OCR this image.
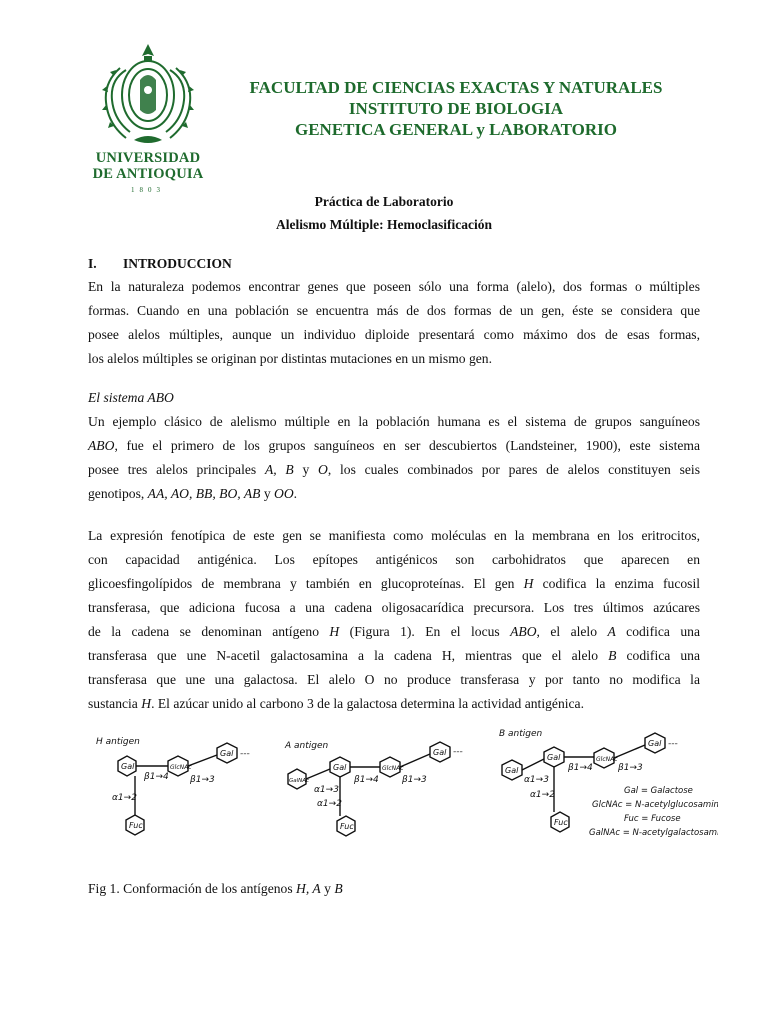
UNIVERSIDAD
DE ANTIOQUIA
1803
FACULTAD DE CIENCIAS EXACTAS Y NATURALES
INSTITUTO DE BIOLOGIA
GENETICA GENERAL y LABORATORIO
Práctica de Laboratorio
Alelismo Múltiple: Hemoclasificación
I. INTRODUCCION
En la naturaleza podemos encontrar genes que poseen sólo una forma (alelo), dos formas o múltiples
formas. Cuando en una población se encuentra más de dos formas de un gen, éste se considera que
posee alelos múltiples, aunque un individuo diploide presentará como máximo dos de esas formas,
los alelos múltiples se originan por distintas mutaciones en un mismo gen.
El sistema ABO
Un ejemplo clásico de alelismo múltiple en la población humana es el sistema de grupos sanguíneos
ABO, fue el primero de los grupos sanguíneos en ser descubiertos (Landsteiner, 1900), este sistema
posee tres alelos principales A, B y O, los cuales combinados por pares de alelos constituyen seis
genotipos, AA, AO, BB, BO, AB y OO.
La expresión fenotípica de este gen se manifiesta como moléculas en la membrana en los eritrocitos,
con capacidad antigénica. Los epítopes antigénicos son carbohidratos que aparecen en
glicoesfingolípidos de membrana y también en glucoproteínas. El gen H codifica la enzima fucosil
transferasa, que adiciona fucosa a una cadena oligosacarídica precursora. Los tres últimos azúcares
de la cadena se denominan antígeno H (Figura 1). En el locus ABO, el alelo A codifica una
transferasa que une N-acetil galactosamina a la cadena H, mientras que el alelo B codifica una
transferasa que une una galactosa. El alelo O no produce transferasa y por tanto no modifica la
sustancia H. El azúcar unido al carbono 3 de la galactosa determina la actividad antigénica.
H antigen
Gal	GlcNAc
Gal ---
β1→4 β1→3
α1→2
Fuc
A antigen
GalNAc
Gal	GlcNAc
Gal ---
α1→3
β1→4	β1→3
α1→2
Fuc
B antigen
Gal
Gal	GlcNAc
Gal ---
α1→3
β1→4	β1→3
α1→2
Fuc
Gal = Galactose
GlcNAc = N-acetylglucosamine
Fuc = Fucose
GalNAc = N-acetylgalactosamine
Fig 1. Conformación de los antígenos H, A y B
